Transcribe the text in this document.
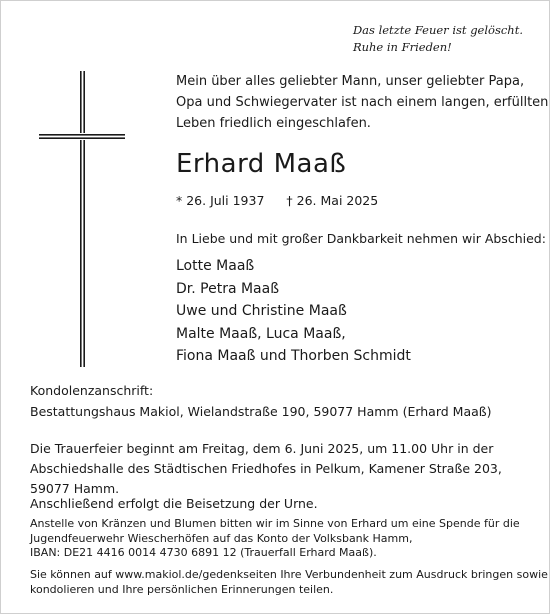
Das letzte Feuer ist gelöscht.
Ruhe in Frieden!

Mein über alles geliebter Mann, unser geliebter Papa,
Opa und Schwiegervater ist nach einem langen, erfüllten
Leben friedlich eingeschlafen.

Erhard Maaß

* 26. Juli 1937 † 26. Mai 2025

In Liebe und mit großer Dankbarkeit nehmen wir Abschied:

Lotte Maaß
Dr. Petra Maaß
Uwe und Christine Maaß
Malte Maaß, Luca Maaß,
Fiona Maaß und Thorben Schmidt

Kondolenzanschrift:
Bestattungshaus Makiol, Wielandstraße 190, 59077 Hamm (Erhard Maaß)

Die Trauerfeier beginnt am Freitag, dem 6. Juni 2025, um 11.00 Uhr in der
Abschiedshalle des Städtischen Friedhofes in Pelkum, Kamener Straße 203,
59077 Hamm.

Anschließend erfolgt die Beisetzung der Urne.

Anstelle von Kränzen und Blumen bitten wir im Sinne von Erhard um eine Spende für die
Jugendfeuerwehr Wiescherhöfen auf das Konto der Volksbank Hamm,
IBAN: DE21 4416 0014 4730 6891 12 (Trauerfall Erhard Maaß).

Sie können auf www.makiol.de/gedenkseiten Ihre Verbundenheit zum Ausdruck bringen sowie
kondolieren und Ihre persönlichen Erinnerungen teilen.
